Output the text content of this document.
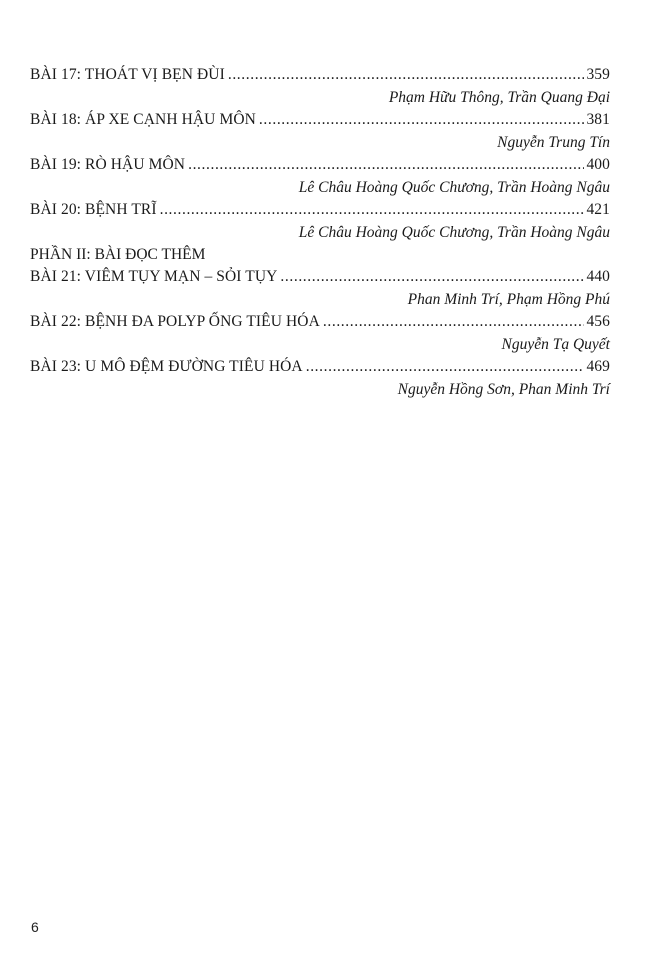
BÀI 17: THOÁT VỊ BẸN ĐÙI .....	359
Phạm Hữu Thông, Trần Quang Đại
BÀI 18: ÁP XE CẠNH HẬU MÔN .....	381
Nguyễn Trung Tín
BÀI 19: RÒ HẬU MÔN .....	400
Lê Châu Hoàng Quốc Chương, Trần Hoàng Ngâu
BÀI 20: BỆNH TRĨ .....	421
Lê Châu Hoàng Quốc Chương, Trần Hoàng Ngâu
PHẦN II: BÀI ĐỌC THÊM
BÀI 21: VIÊM TỤY MẠN – SỎI TỤY .....	440
Phan Minh Trí, Phạm Hồng Phú
BÀI 22: BỆNH ĐA POLYP ỐNG TIÊU HÓA .....	456
Nguyễn Tạ Quyết
BÀI 23: U MÔ ĐỆM ĐƯỜNG TIÊU HÓA .....	469
Nguyễn Hồng Sơn, Phan Minh Trí
6
